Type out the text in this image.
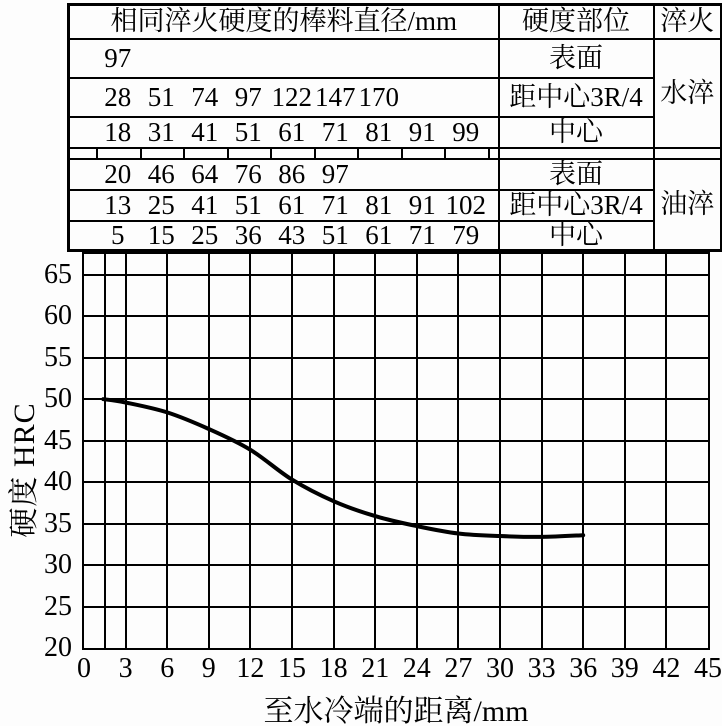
相同淬火硬度的棒料直径/mm	硬度部位	淬火

97	表面	水淬

28 51 74 97 122 147 170	距中心3R/4

18 31 41 51 61 71 81 91 99	中心

20 46 64 76 86 97	表面	油淬

13 25 41 51 61 71 81 91 102	距中心3R/4

5 15 25 36 43 51 61 71 79	中心
65
60
55
50
45
40
35
30
25
20
0 3 6 9 12 15 18 21 24 27 30 33 36 39 42 45
硬度 HRC
至水冷端的距离/mm
